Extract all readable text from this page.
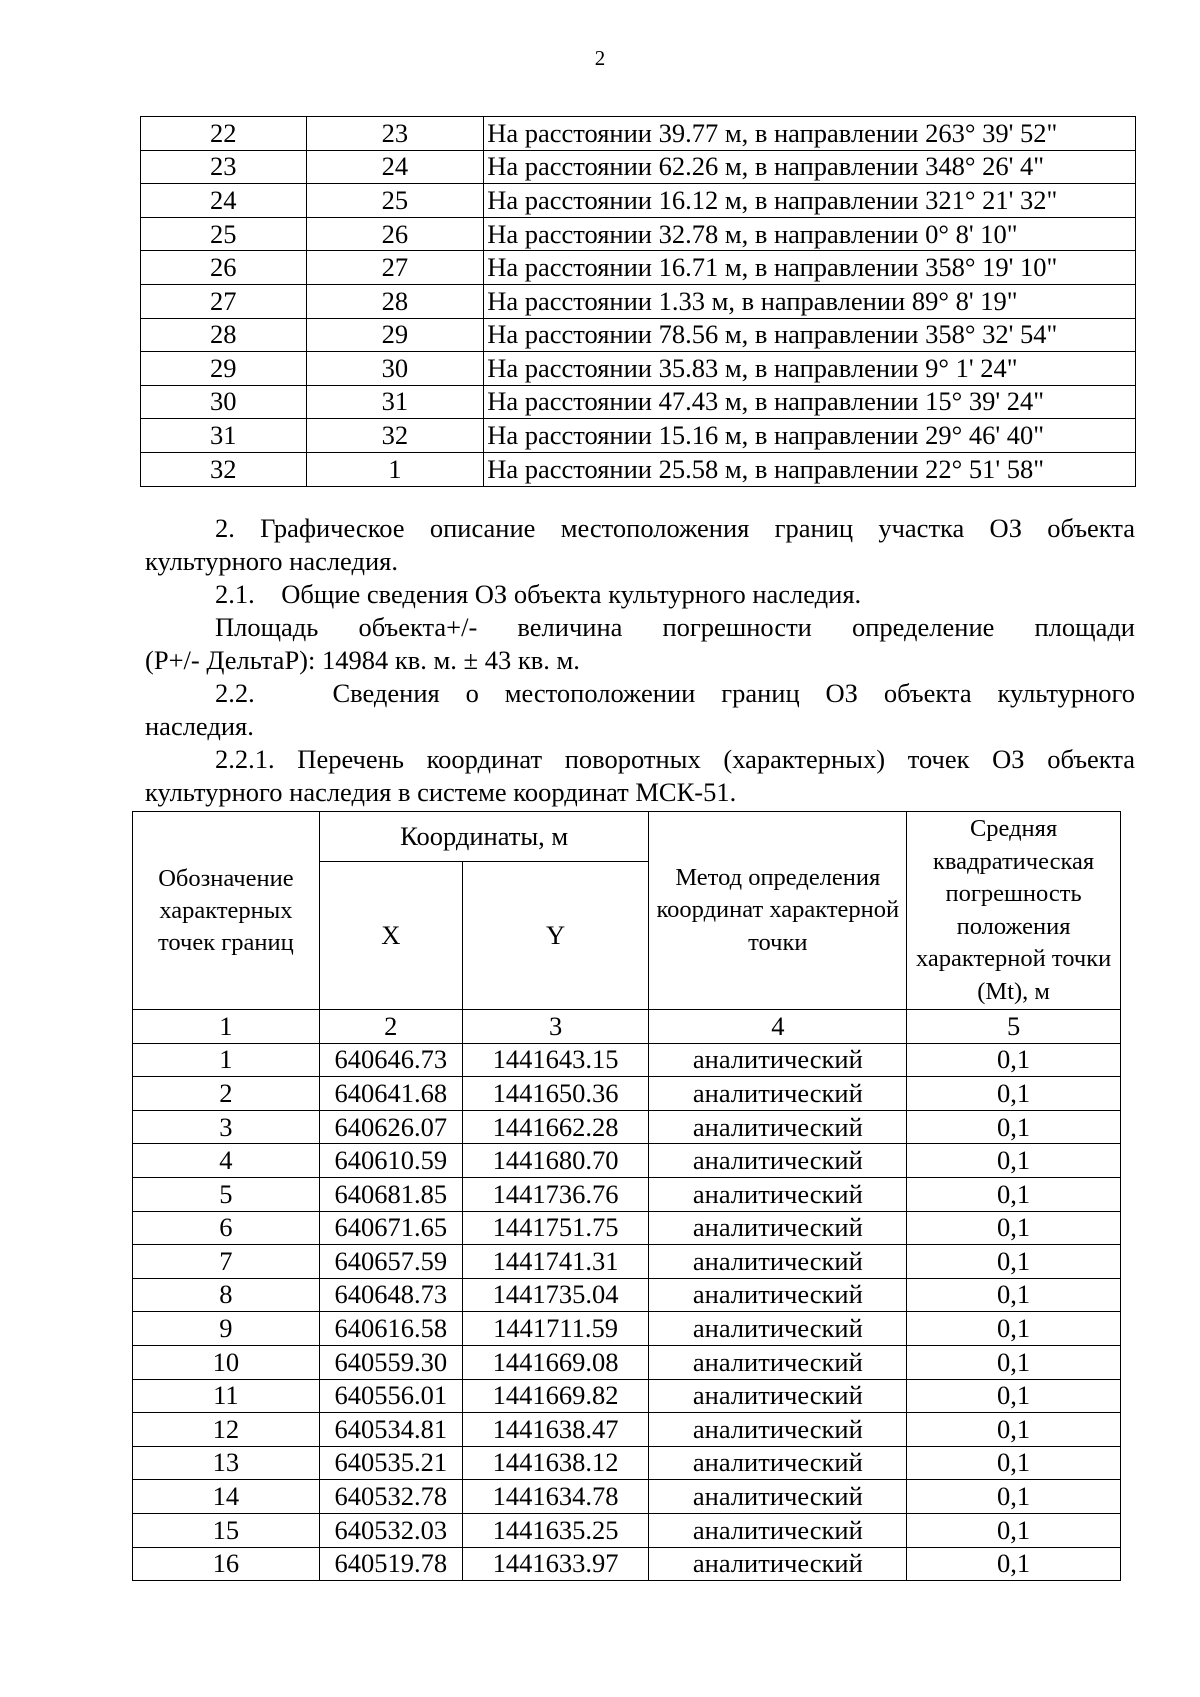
2
22	23	На расстоянии 39.77 м, в направлении 263° 39' 52"
23	24	На расстоянии 62.26 м, в направлении 348° 26' 4"
24	25	На расстоянии 16.12 м, в направлении 321° 21' 32"
25	26	На расстоянии 32.78 м, в направлении 0° 8' 10"
26	27	На расстоянии 16.71 м, в направлении 358° 19' 10"
27	28	На расстоянии 1.33 м, в направлении 89° 8' 19"
28	29	На расстоянии 78.56 м, в направлении 358° 32' 54"
29	30	На расстоянии 35.83 м, в направлении 9° 1' 24"
30	31	На расстоянии 47.43 м, в направлении 15° 39' 24"
31	32	На расстоянии 15.16 м, в направлении 29° 46' 40"
32	1	На расстоянии 25.58 м, в направлении 22° 51' 58"
2. Графическое описание местоположения границ участка ОЗ объекта
культурного наследия.
2.1.    Общие сведения ОЗ объекта культурного наследия.
Площадь объекта+/- величина погрешности определение площади
(P+/- ДельтаP): 14984 кв. м. ± 43 кв. м.
2.2.   Сведения о местоположении границ ОЗ объекта культурного
наследия.
2.2.1. Перечень координат поворотных (характерных) точек ОЗ объекта
культурного наследия в системе координат МСК-51.
Обозначение характерных точек границ	Координаты, м		Метод определения координат характерной точки	Средняя квадратическая погрешность положения характерной точки (Mt), м
	X	Y		
1	2	3	4	5
1	640646.73	1441643.15	аналитический	0,1
2	640641.68	1441650.36	аналитический	0,1
3	640626.07	1441662.28	аналитический	0,1
4	640610.59	1441680.70	аналитический	0,1
5	640681.85	1441736.76	аналитический	0,1
6	640671.65	1441751.75	аналитический	0,1
7	640657.59	1441741.31	аналитический	0,1
8	640648.73	1441735.04	аналитический	0,1
9	640616.58	1441711.59	аналитический	0,1
10	640559.30	1441669.08	аналитический	0,1
11	640556.01	1441669.82	аналитический	0,1
12	640534.81	1441638.47	аналитический	0,1
13	640535.21	1441638.12	аналитический	0,1
14	640532.78	1441634.78	аналитический	0,1
15	640532.03	1441635.25	аналитический	0,1
16	640519.78	1441633.97	аналитический	0,1
